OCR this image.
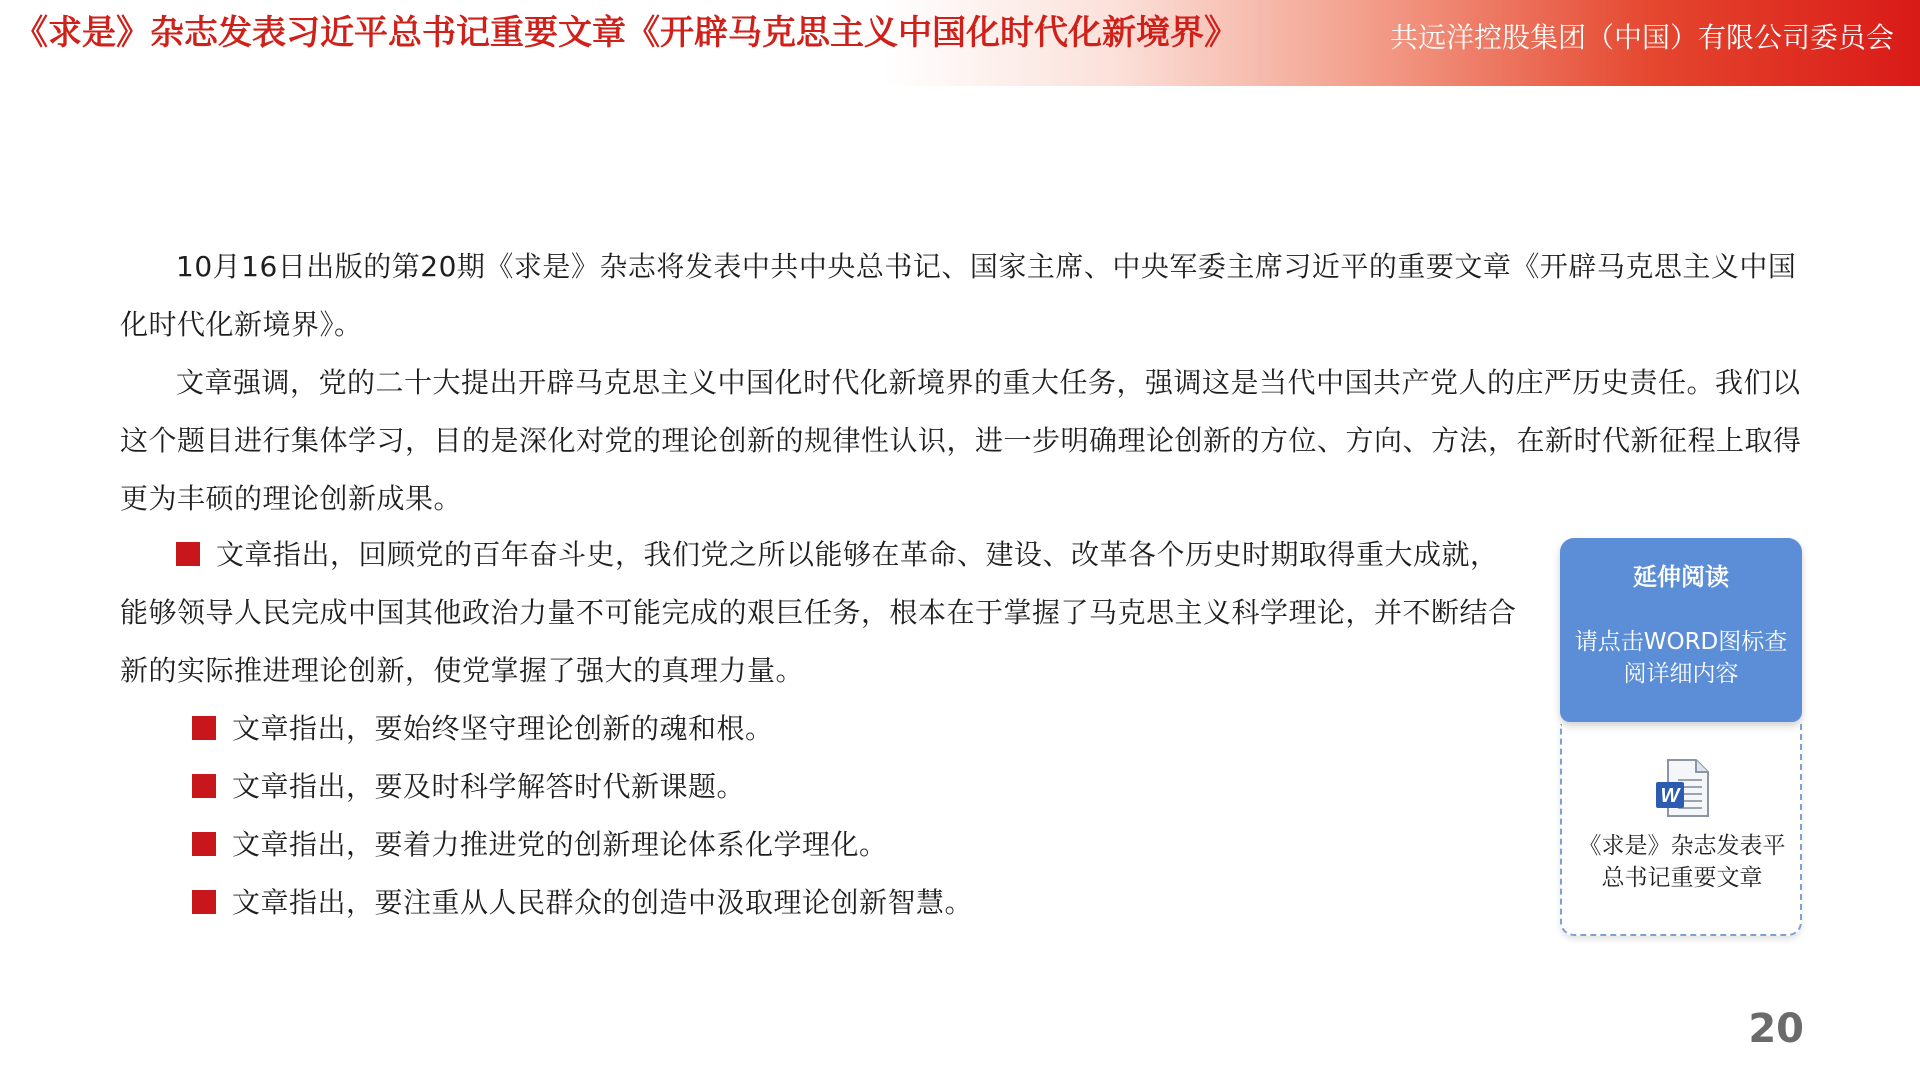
《求是》杂志发表习近平总书记重要文章《开辟马克思主义中国化时代化新境界》	共远洋控股集团（中国）有限公司委员会

10月16日出版的第20期《求是》杂志将发表中共中央总书记、国家主席、中央军委主席习近平的重要文章《开辟马克思主义中国化时代化新境界》。

文章强调，党的二十大提出开辟马克思主义中国化时代化新境界的重大任务，强调这是当代中国共产党人的庄严历史责任。我们以这个题目进行集体学习，目的是深化对党的理论创新的规律性认识，进一步明确理论创新的方位、方向、方法，在新时代新征程上取得更为丰硕的理论创新成果。

文章指出，回顾党的百年奋斗史，我们党之所以能够在革命、建设、改革各个历史时期取得重大成就，能够领导人民完成中国其他政治力量不可能完成的艰巨任务，根本在于掌握了马克思主义科学理论，并不断结合新的实际推进理论创新，使党掌握了强大的真理力量。

文章指出，要始终坚守理论创新的魂和根。

文章指出，要及时科学解答时代新课题。

文章指出，要着力推进党的创新理论体系化学理化。

文章指出，要注重从人民群众的创造中汲取理论创新智慧。

延伸阅读
请点击WORD图标查阅详细内容
W
《求是》杂志发表平总书记重要文章
20
